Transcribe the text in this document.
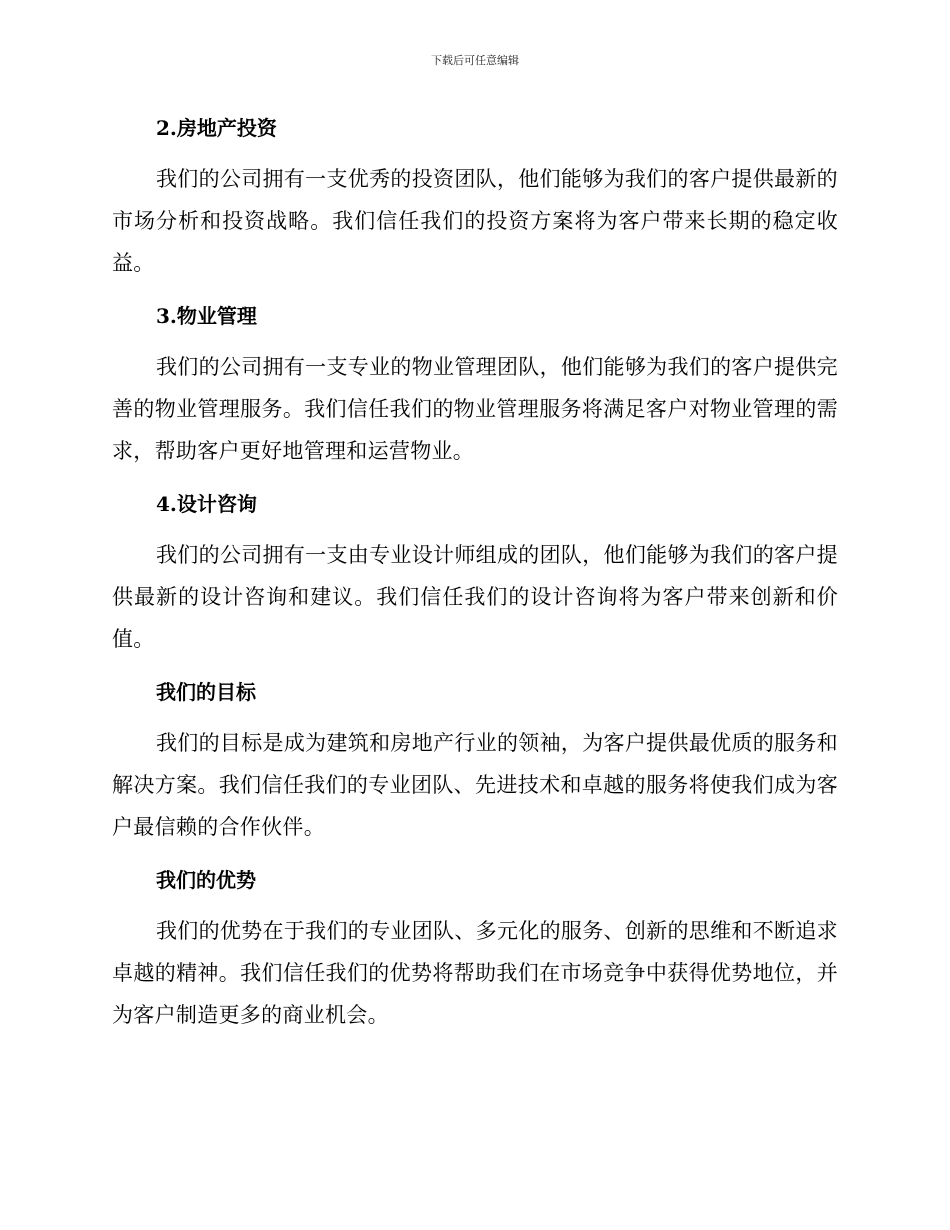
下载后可任意编辑
2.房地产投资

我们的公司拥有一支优秀的投资团队，他们能够为我们的客户提供最新的市场分析和投资战略。我们信任我们的投资方案将为客户带来长期的稳定收益。

3.物业管理

我们的公司拥有一支专业的物业管理团队，他们能够为我们的客户提供完善的物业管理服务。我们信任我们的物业管理服务将满足客户对物业管理的需求，帮助客户更好地管理和运营物业。

4.设计咨询

我们的公司拥有一支由专业设计师组成的团队，他们能够为我们的客户提供最新的设计咨询和建议。我们信任我们的设计咨询将为客户带来创新和价值。

我们的目标

我们的目标是成为建筑和房地产行业的领袖，为客户提供最优质的服务和解决方案。我们信任我们的专业团队、先进技术和卓越的服务将使我们成为客户最信赖的合作伙伴。

我们的优势

我们的优势在于我们的专业团队、多元化的服务、创新的思维和不断追求卓越的精神。我们信任我们的优势将帮助我们在市场竞争中获得优势地位，并为客户制造更多的商业机会。
